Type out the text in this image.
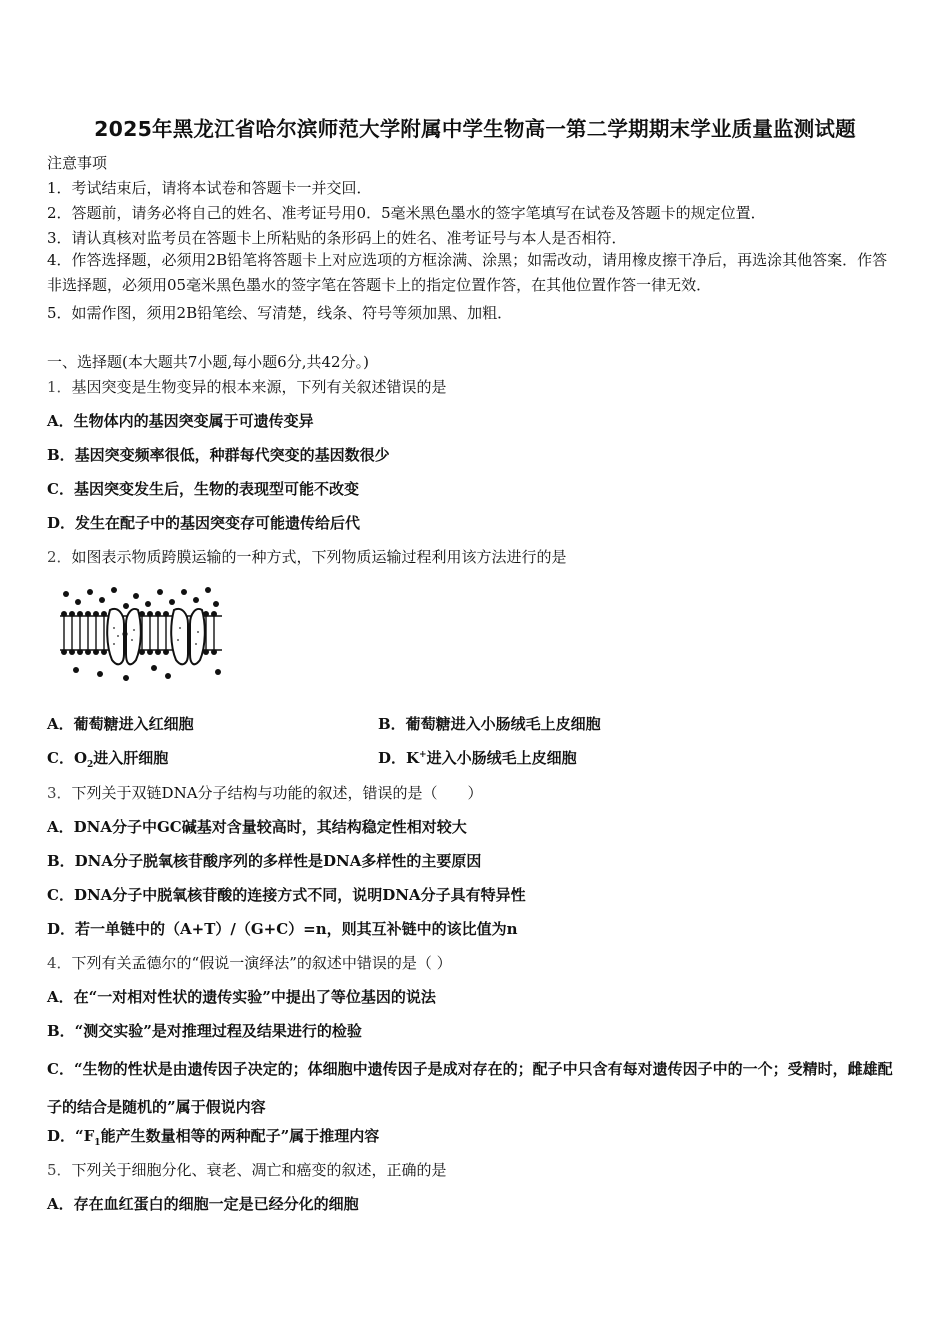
2025年黑龙江省哈尔滨师范大学附属中学生物高一第二学期期末学业质量监测试题
注意事项
1．考试结束后，请将本试卷和答题卡一并交回．
2．答题前，请务必将自己的姓名、准考证号用0．5毫米黑色墨水的签字笔填写在试卷及答题卡的规定位置．
3．请认真核对监考员在答题卡上所粘贴的条形码上的姓名、准考证号与本人是否相符．
4．作答选择题，必须用2B铅笔将答题卡上对应选项的方框涂满、涂黑；如需改动，请用橡皮擦干净后，再选涂其他答案．作答非选择题，必须用05毫米黑色墨水的签字笔在答题卡上的指定位置作答，在其他位置作答一律无效．
5．如需作图，须用2B铅笔绘、写清楚，线条、符号等须加黑、加粗．
一、选择题(本大题共7小题,每小题6分,共42分。)
1．基因突变是生物变异的根本来源，下列有关叙述错误的是
A．生物体内的基因突变属于可遗传变异
B．基因突变频率很低，种群每代突变的基因数很少
C．基因突变发生后，生物的表现型可能不改变
D．发生在配子中的基因突变存可能遗传给后代
2．如图表示物质跨膜运输的一种方式，下列物质运输过程利用该方法进行的是
A．葡萄糖进入红细胞	B．葡萄糖进入小肠绒毛上皮细胞
C．$O_2$进入肝细胞	D．K+进入小肠绒毛上皮细胞
3．下列关于双链DNA分子结构与功能的叙述，错误的是（　　）
A．DNA分子中GC碱基对含量较高时，其结构稳定性相对较大
B．DNA分子脱氧核苷酸序列的多样性是DNA多样性的主要原因
C．DNA分子中脱氧核苷酸的连接方式不同，说明DNA分子具有特异性
D．若一单链中的（A+T）/（G+C）=n，则其互补链中的该比值为n
4．下列有关孟德尔的“假说一演绎法”的叙述中错误的是（ ）
A．在“一对相对性状的遗传实验”中提出了等位基因的说法
B．“测交实验”是对推理过程及结果进行的检验
C．“生物的性状是由遗传因子决定的；体细胞中遗传因子是成对存在的；配子中只含有每对遗传因子中的一个；受精时，雌雄配子的结合是随机的”属于假说内容
D．“$F_1$能产生数量相等的两种配子”属于推理内容
5．下列关于细胞分化、衰老、凋亡和癌变的叙述，正确的是
A．存在血红蛋白的细胞一定是已经分化的细胞
